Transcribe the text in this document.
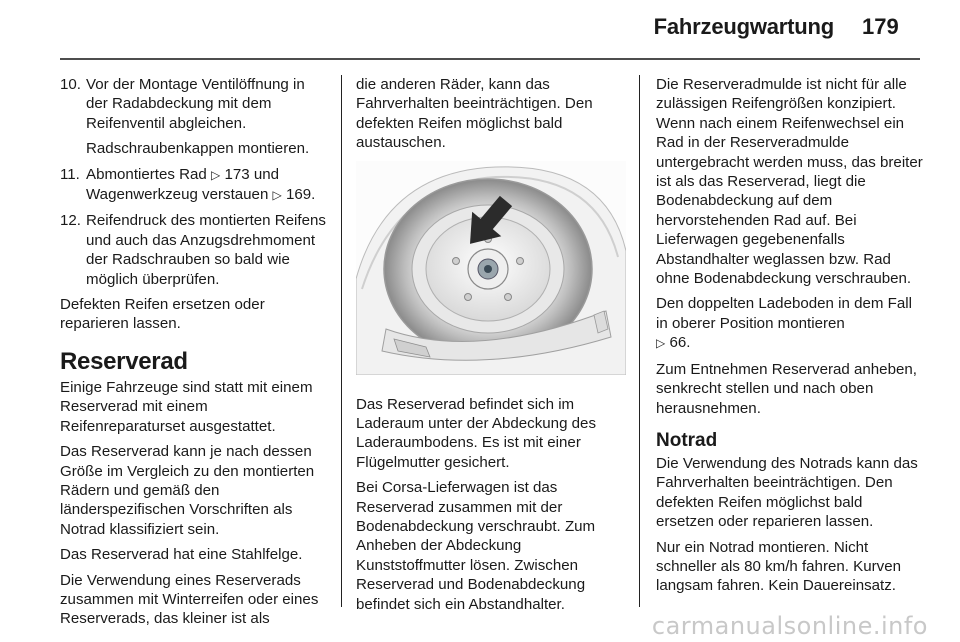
Fahrzeugwartung 179
10. Vor der Montage Ventilöffnung in der Radabdeckung mit dem Reifenventil abgleichen.
Radschraubenkappen montieren.
11. Abmontiertes Rad ▷ 173 und Wagenwerkzeug verstauen ▷ 169.
12. Reifendruck des montierten Reifens und auch das Anzugsdrehmoment der Radschrauben so bald wie möglich überprüfen.

Defekten Reifen ersetzen oder reparieren lassen.

Reserverad

Einige Fahrzeuge sind statt mit einem Reserverad mit einem Reifenreparaturset ausgestattet.

Das Reserverad kann je nach dessen Größe im Vergleich zu den montierten Rädern und gemäß den länderspezifischen Vorschriften als Notrad klassifiziert sein.

Das Reserverad hat eine Stahlfelge.

Die Verwendung eines Reserverads zusammen mit Winterreifen oder eines Reserverads, das kleiner ist als

die anderen Räder, kann das Fahrverhalten beeinträchtigen. Den defekten Reifen möglichst bald austauschen.

Das Reserverad befindet sich im Laderaum unter der Abdeckung des Laderaumbodens. Es ist mit einer Flügelmutter gesichert.

Bei Corsa-Lieferwagen ist das Reserverad zusammen mit der Bodenabdeckung verschraubt. Zum Anheben der Abdeckung Kunststoffmutter lösen. Zwischen Reserverad und Bodenabdeckung befindet sich ein Abstandhalter.

Die Reserveradmulde ist nicht für alle zulässigen Reifengrößen konzipiert. Wenn nach einem Reifenwechsel ein Rad in der Reserveradmulde untergebracht werden muss, das breiter ist als das Reserverad, liegt die Bodenabdeckung auf dem hervorstehenden Rad auf. Bei Lieferwagen gegebenenfalls Abstandhalter weglassen bzw. Rad ohne Bodenabdeckung verschrauben.

Den doppelten Ladeboden in dem Fall in oberer Position montieren
▷ 66.

Zum Entnehmen Reserverad anheben, senkrecht stellen und nach oben herausnehmen.

Notrad

Die Verwendung des Notrads kann das Fahrverhalten beeinträchtigen. Den defekten Reifen möglichst bald ersetzen oder reparieren lassen.

Nur ein Notrad montieren. Nicht schneller als 80 km/h fahren. Kurven langsam fahren. Kein Dauereinsatz.

carmanualsonline.info
